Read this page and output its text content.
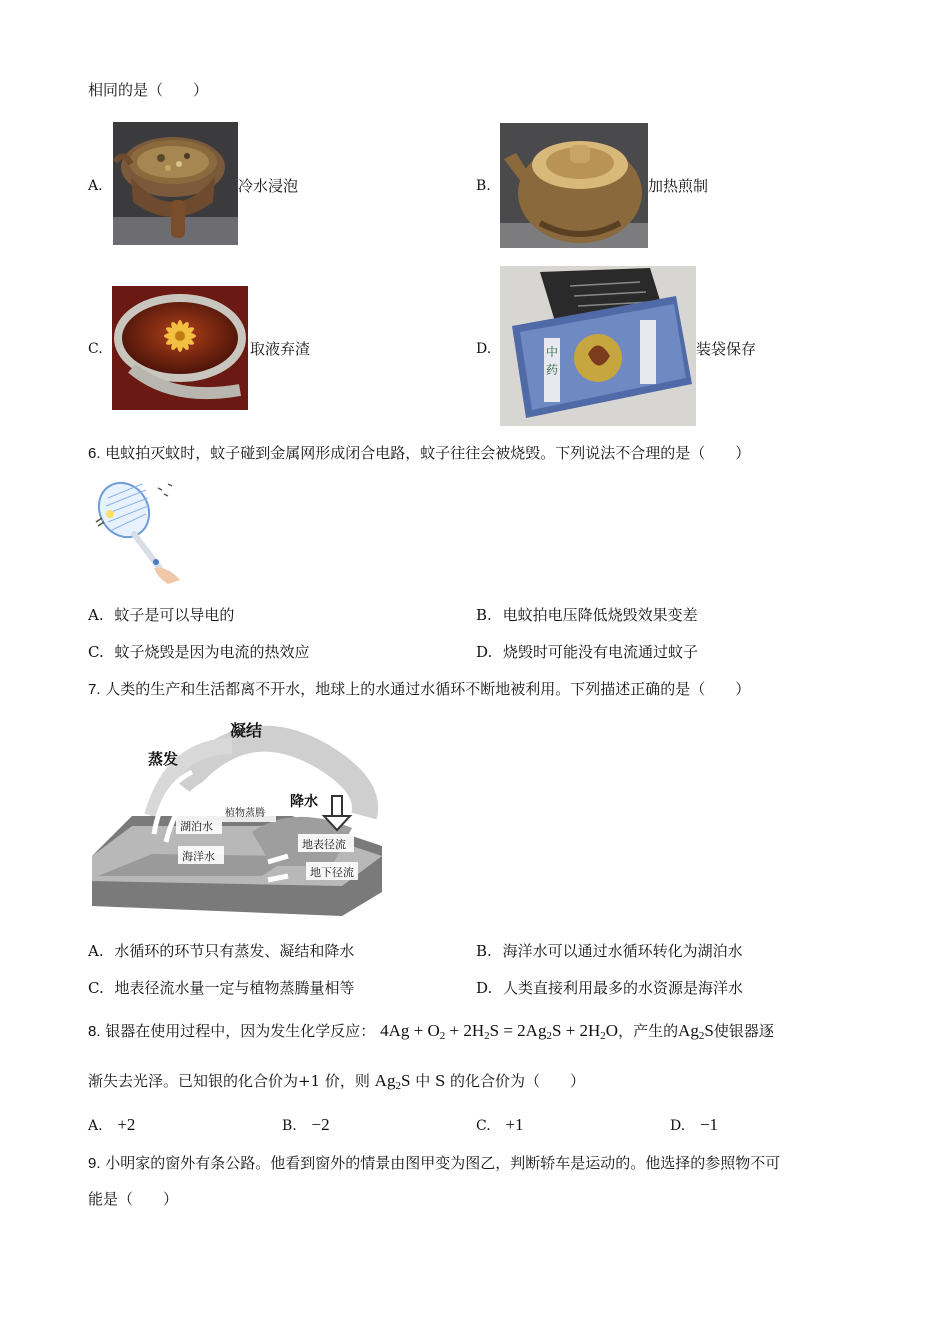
相同的是（　　）
A.	冷水浸泡	B.	加热煎制
C.	取液弃渣	D.	中
药
装袋保存
6. 电蚊拍灭蚊时，蚊子碰到金属网形成闭合电路，蚊子往往会被烧毁。下列说法不合理的是（　　）
A. 蚊子是可以导电的	B. 电蚊拍电压降低烧毁效果变差
C. 蚊子烧毁是因为电流的热效应	D. 烧毁时可能没有电流通过蚊子
7. 人类的生产和生活都离不开水，地球上的水通过水循环不断地被利用。下列描述正确的是（　　）
凝结
蒸发
植物蒸腾
降水
湖泊水
海洋水
地表径流
地下径流
A. 水循环的环节只有蒸发、凝结和降水	B. 海洋水可以通过水循环转化为湖泊水
C. 地表径流水量一定与植物蒸腾量相等	D. 人类直接利用最多的水资源是海洋水
8. 银器在使用过程中，因为发生化学反应： $4Ag + O_2 + 2H_2S = 2Ag_2S + 2H_2O$，产生的$Ag_2S$使银器逐
渐失去光泽。已知银的化合价为+1 价，则 $Ag_2S$ 中 S 的化合价为（　　）
A. +2	B. −2	C. +1	D. −1
9. 小明家的窗外有条公路。他看到窗外的情景由图甲变为图乙，判断轿车是运动的。他选择的参照物不可
能是（　　）
